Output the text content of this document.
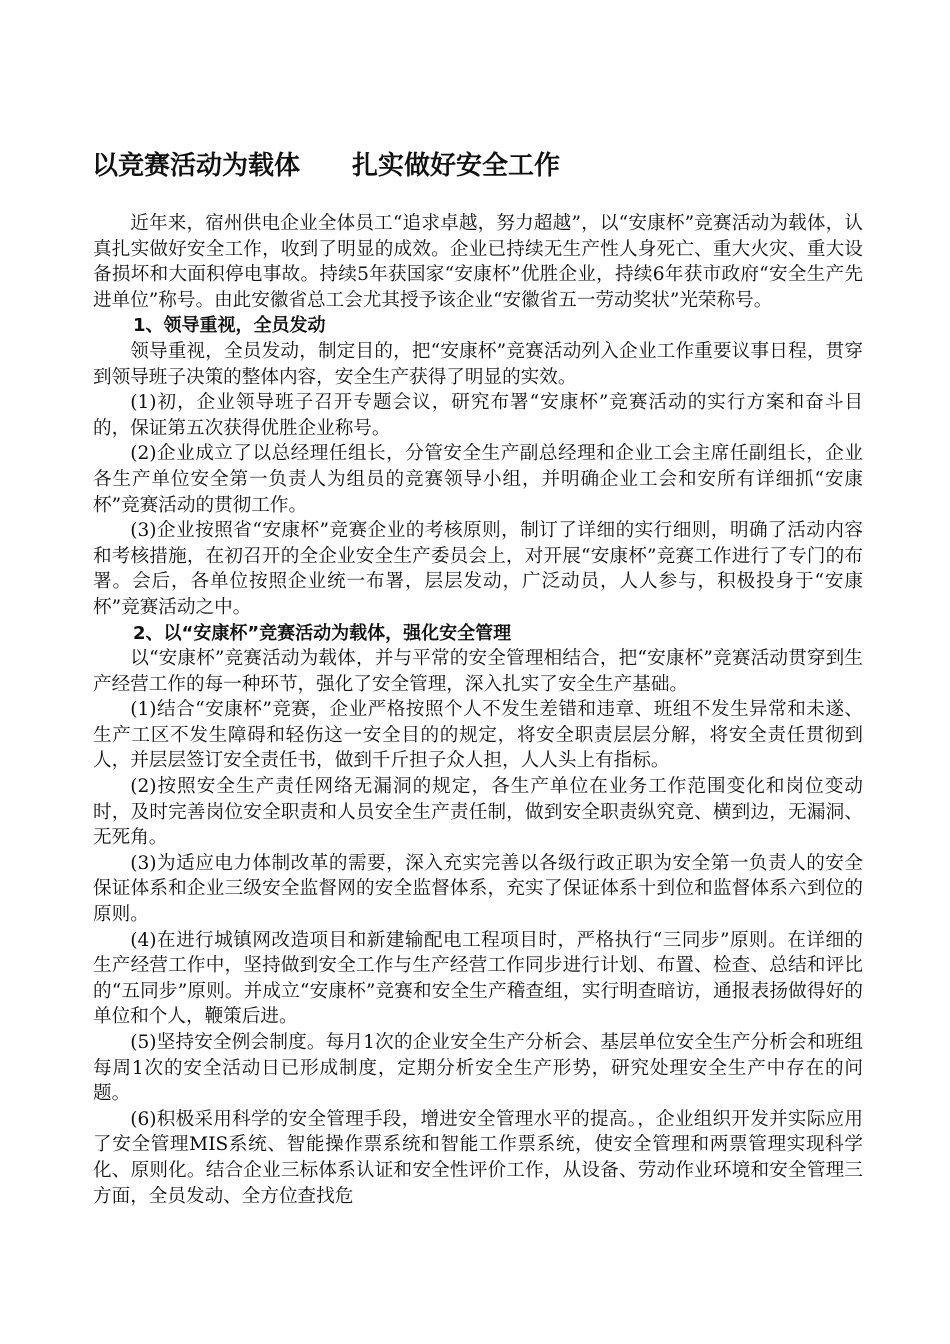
以竞赛活动为载体　　扎实做好安全工作

近年来，宿州供电企业全体员工“追求卓越，努力超越”，以“安康杯”竞赛活动为载体，认真扎实做好安全工作，收到了明显的成效。企业已持续无生产性人身死亡、重大火灾、重大设备损坏和大面积停电事故。持续5年获国家“安康杯”优胜企业，持续6年获市政府“安全生产先进单位”称号。由此安徽省总工会尤其授予该企业“安徽省五一劳动奖状”光荣称号。

1、领导重视，全员发动

领导重视，全员发动，制定目的，把“安康杯”竞赛活动列入企业工作重要议事日程，贯穿到领导班子决策的整体内容，安全生产获得了明显的实效。

(1)初，企业领导班子召开专题会议，研究布署“安康杯”竞赛活动的实行方案和奋斗目的，保证第五次获得优胜企业称号。

(2)企业成立了以总经理任组长，分管安全生产副总经理和企业工会主席任副组长，企业各生产单位安全第一负责人为组员的竞赛领导小组，并明确企业工会和安所有详细抓“安康杯”竞赛活动的贯彻工作。

(3)企业按照省“安康杯”竞赛企业的考核原则，制订了详细的实行细则，明确了活动内容和考核措施，在初召开的全企业安全生产委员会上，对开展“安康杯”竞赛工作进行了专门的布署。会后，各单位按照企业统一布署，层层发动，广泛动员，人人参与，积极投身于“安康杯”竞赛活动之中。

2、以“安康杯”竞赛活动为载体，强化安全管理

以“安康杯”竞赛活动为载体，并与平常的安全管理相结合，把“安康杯”竞赛活动贯穿到生产经营工作的每一种环节，强化了安全管理，深入扎实了安全生产基础。

(1)结合“安康杯”竞赛，企业严格按照个人不发生差错和违章、班组不发生异常和未遂、生产工区不发生障碍和轻伤这一安全目的的规定，将安全职责层层分解，将安全责任贯彻到人，并层层签订安全责任书，做到千斤担子众人担，人人头上有指标。

(2)按照安全生产责任网络无漏洞的规定，各生产单位在业务工作范围变化和岗位变动时，及时完善岗位安全职责和人员安全生产责任制，做到安全职责纵究竟、横到边，无漏洞、无死角。

(3)为适应电力体制改革的需要，深入充实完善以各级行政正职为安全第一负责人的安全保证体系和企业三级安全监督网的安全监督体系，充实了保证体系十到位和监督体系六到位的原则。

(4)在进行城镇网改造项目和新建输配电工程项目时，严格执行“三同步”原则。在详细的生产经营工作中，坚持做到安全工作与生产经营工作同步进行计划、布置、检查、总结和评比的“五同步”原则。并成立“安康杯”竞赛和安全生产稽查组，实行明查暗访，通报表扬做得好的单位和个人，鞭策后进。

(5)坚持安全例会制度。每月1次的企业安全生产分析会、基层单位安全生产分析会和班组每周1次的安全活动日已形成制度，定期分析安全生产形势，研究处理安全生产中存在的问题。

(6)积极采用科学的安全管理手段，增进安全管理水平的提高。，企业组织开发并实际应用了安全管理MIS系统、智能操作票系统和智能工作票系统，使安全管理和两票管理实现科学化、原则化。结合企业三标体系认证和安全性评价工作，从设备、劳动作业环境和安全管理三方面，全员发动、全方位查找危
